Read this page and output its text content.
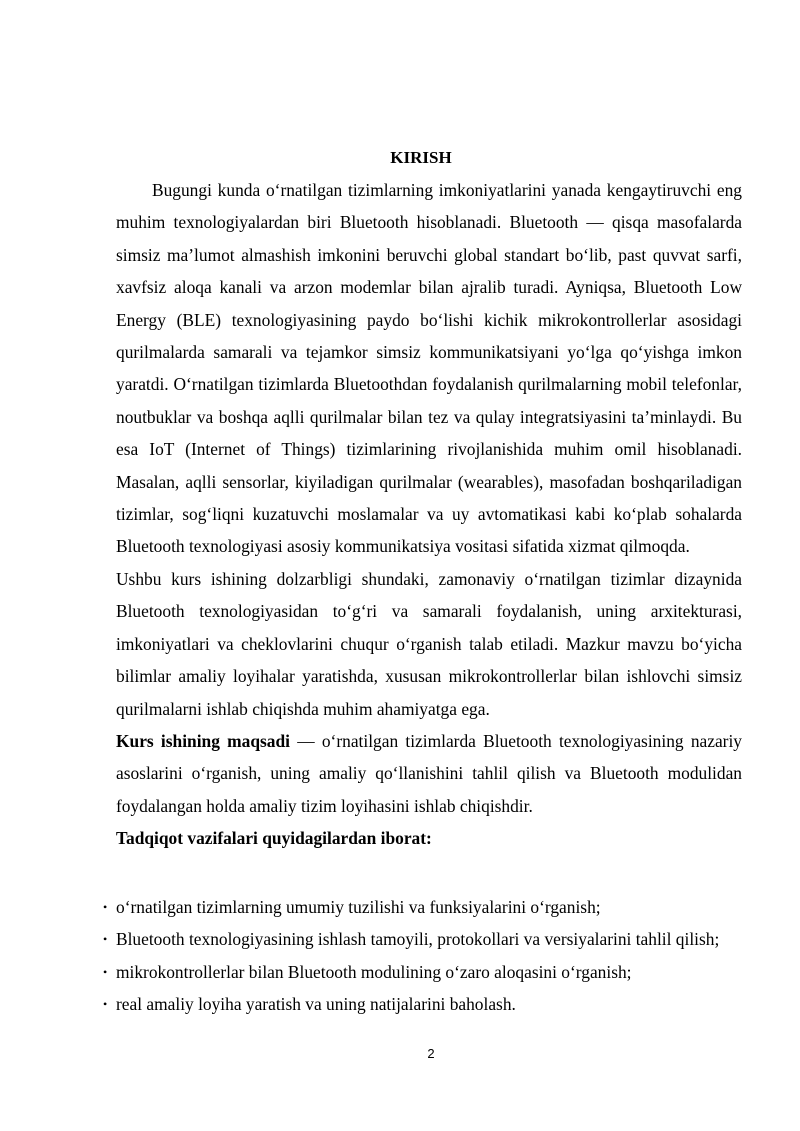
KIRISH

Bugungi kunda o‘rnatilgan tizimlarning imkoniyatlarini yanada kengaytiruvchi eng muhim texnologiyalardan biri Bluetooth hisoblanadi. Bluetooth — qisqa masofalarda simsiz ma’lumot almashish imkonini beruvchi global standart bo‘lib, past quvvat sarfi, xavfsiz aloqa kanali va arzon modemlar bilan ajralib turadi. Ayniqsa, Bluetooth Low Energy (BLE) texnologiyasining paydo bo‘lishi kichik mikrokontrollerlar asosidagi qurilmalarda samarali va tejamkor simsiz kommunikatsiyani yo‘lga qo‘yishga imkon yaratdi. O‘rnatilgan tizimlarda Bluetoothdan foydalanish qurilmalarning mobil telefonlar, noutbuklar va boshqa aqlli qurilmalar bilan tez va qulay integratsiyasini ta’minlaydi. Bu esa IoT (Internet of Things) tizimlarining rivojlanishida muhim omil hisoblanadi. Masalan, aqlli sensorlar, kiyiladigan qurilmalar (wearables), masofadan boshqariladigan tizimlar, sog‘liqni kuzatuvchi moslamalar va uy avtomatikasi kabi ko‘plab sohalarda Bluetooth texnologiyasi asosiy kommunikatsiya vositasi sifatida xizmat qilmoqda.

Ushbu kurs ishining dolzarbligi shundaki, zamonaviy o‘rnatilgan tizimlar dizaynida Bluetooth texnologiyasidan to‘g‘ri va samarali foydalanish, uning arxitekturasi, imkoniyatlari va cheklovlarini chuqur o‘rganish talab etiladi. Mazkur mavzu bo‘yicha bilimlar amaliy loyihalar yaratishda, xususan mikrokontrollerlar bilan ishlovchi simsiz qurilmalarni ishlab chiqishda muhim ahamiyatga ega.

Kurs ishining maqsadi — o‘rnatilgan tizimlarda Bluetooth texnologiyasining nazariy asoslarini o‘rganish, uning amaliy qo‘llanishini tahlil qilish va Bluetooth modulidan foydalangan holda amaliy tizim loyihasini ishlab chiqishdir.

Tadqiqot vazifalari quyidagilardan iborat:

• o‘rnatilgan tizimlarning umumiy tuzilishi va funksiyalarini o‘rganish;
• Bluetooth texnologiyasining ishlash tamoyili, protokollari va versiyalarini tahlil qilish;
• mikrokontrollerlar bilan Bluetooth modulining o‘zaro aloqasini o‘rganish;
• real amaliy loyiha yaratish va uning natijalarini baholash.
2
